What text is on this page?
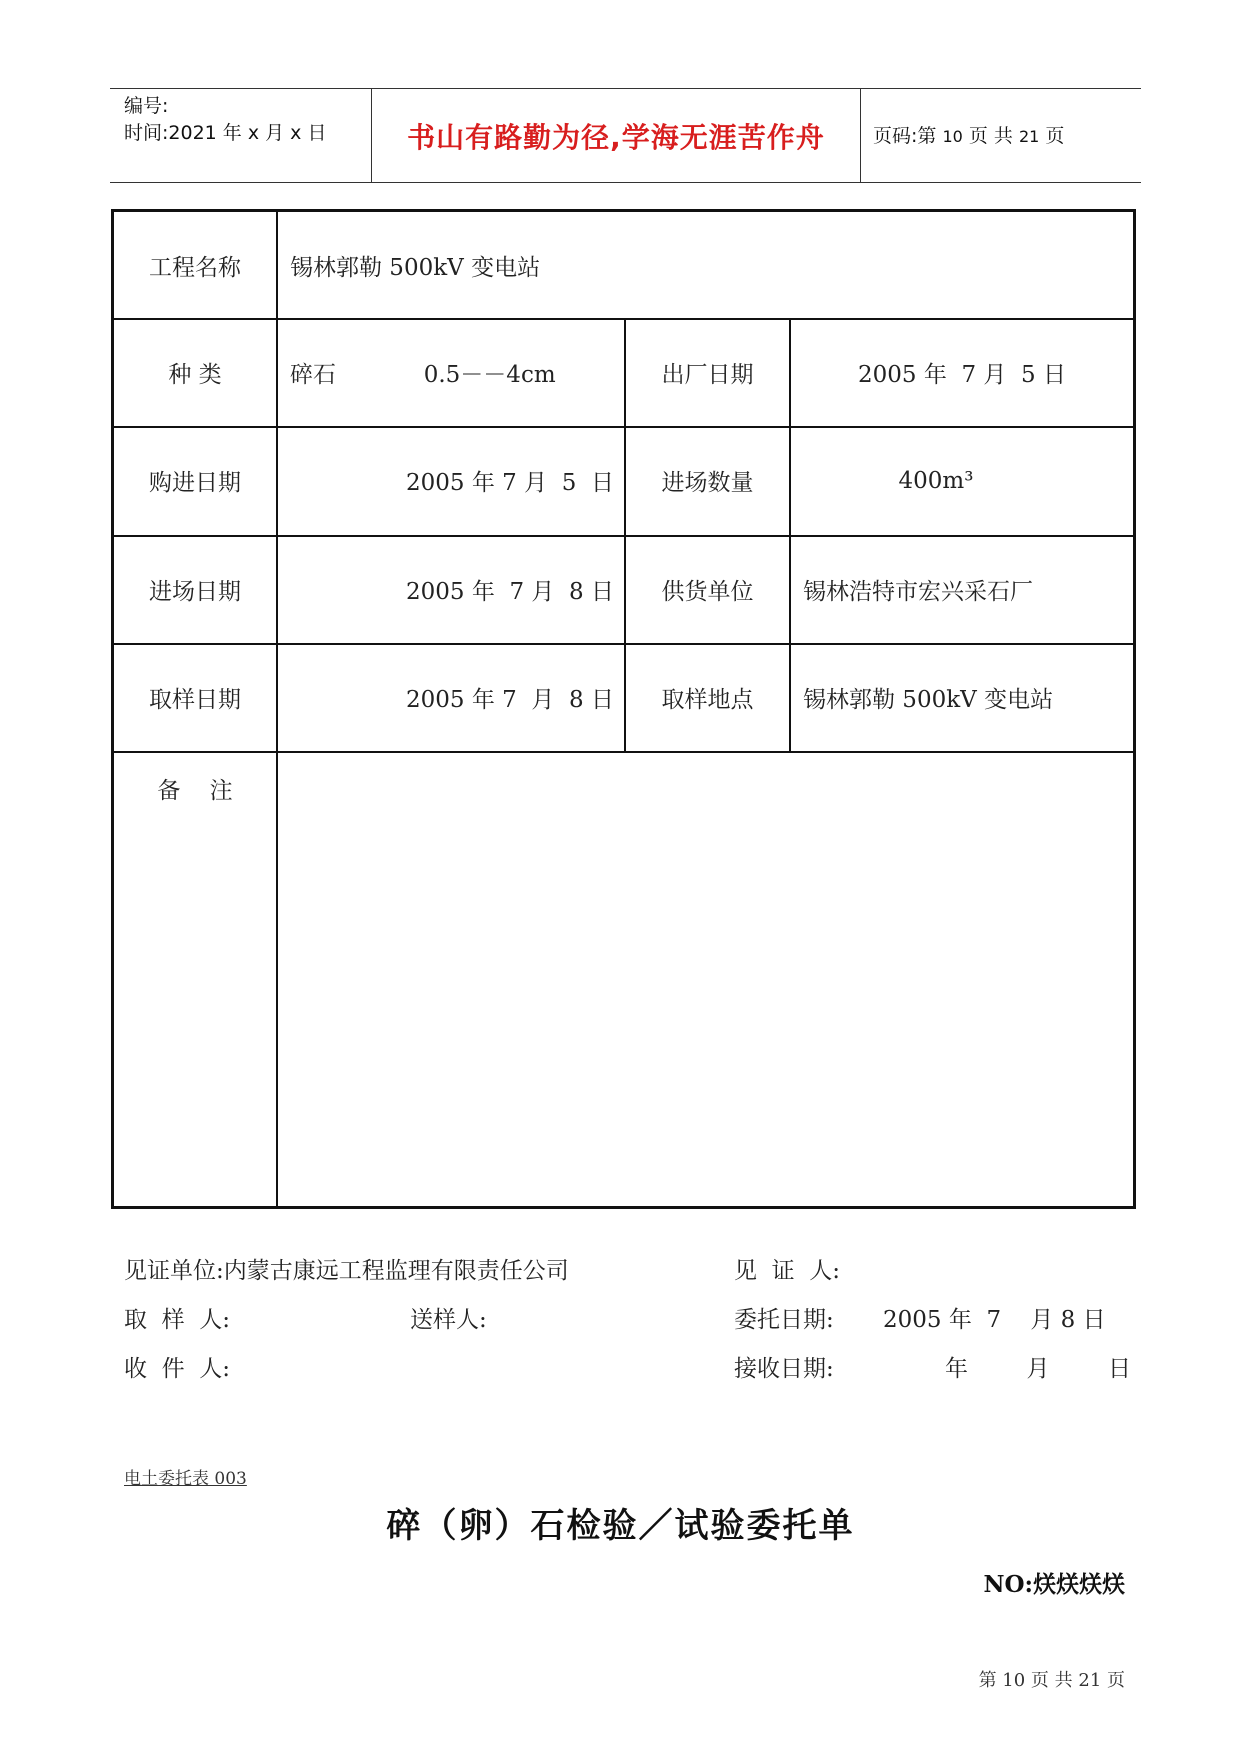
编号:
时间:2021 年 x 月 x 日	书山有路勤为径,学海无涯苦作舟	页码:第 10 页 共 21 页
工程名称	锡林郭勒 500kV 变电站
种 类	碎石            0.5－－4cm	出厂日期	2005 年  7 月  5 日
购进日期	2005 年 7 月  5  日	进场数量	400m³
进场日期	2005 年  7 月  8 日	供货单位	锡林浩特市宏兴采石厂
取样日期	2005 年 7  月  8 日	取样地点	锡林郭勒 500kV 变电站
备    注
见证单位:内蒙古康远工程监理有限责任公司	见  证  人:
取  样  人:	送样人:	委托日期: 2005 年  7    月 8 日
收  件  人:	接收日期:	年        月        日
电土委托表 003
碎（卵）石检验／试验委托单
NO:烪烪烪烪
第 10 页 共 21 页
